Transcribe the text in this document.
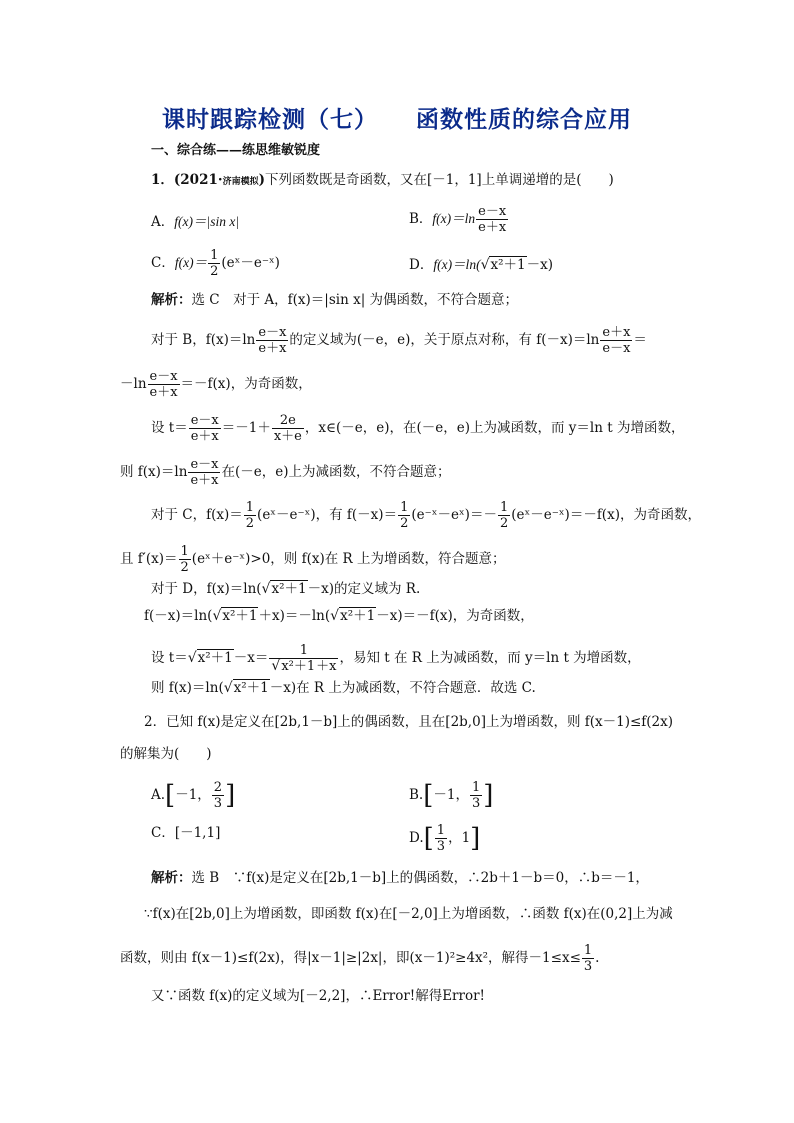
课时跟踪检测（七） 函数性质的综合应用
一、综合练——练思维敏锐度
1．(2021·济南模拟)下列函数既是奇函数，又在[－1，1]上单调递增的是(　　)
A．f(x)＝|sin x|	B．$f(x)=\ln \frac{e-x}{e+x}$
C．$f(x)= \frac{1}{2}$ (eˣ－e⁻ˣ)	D．f(x)＝ln(√x²＋1－x)
解析：选 C　对于 A，f(x)＝|sin x| 为偶函数，不符合题意；
对于 B，$f(x)=\ln \frac{e-x}{e+x}$ 的定义域为(－e，e)，关于原点对称，有 $f(-x)=\ln \frac{e+x}{e-x}$ ＝
$-\ln \frac{e-x}{e+x} =-f(x)$，为奇函数，
设 $t= \frac{e-x}{e+x} =-1+ \frac{2e}{x+e}$ ，x∈(－e，e)，在(－e，e)上为减函数，而 y＝ln t 为增函数，
则 $f(x)=\ln \frac{e-x}{e+x}$ 在(－e，e)上为减函数，不符合题意；
对于 C，$f(x)= \frac{1}{2}$ (eˣ－e⁻ˣ)，有 $f(-x)= \frac{1}{2}$ (e⁻ˣ－eˣ)＝－ $\frac{1}{2}$ (eˣ－e⁻ˣ)＝－f(x)，为奇函数，
且 $f'(x)= \frac{1}{2}$ (eˣ＋e⁻ˣ)>0，则 f(x)在 R 上为增函数，符合题意；
对于 D，f(x)＝ln(√x²＋1－x)的定义域为 R.
f(－x)＝ln(√x²＋1＋x)＝－ln(√x²＋1－x)＝－f(x)，为奇函数，
设 $t=√x^2+1-x= \frac{1}{\text{√x²＋1＋x}}$ ，易知 t 在 R 上为减函数，而 y＝ln t 为增函数，
则 f(x)＝ln(√x²＋1－x)在 R 上为减函数，不符合题意．故选 C.
2．已知 f(x)是定义在[2b,1－b]上的偶函数，且在[2b,0]上为增函数，则 f(x－1)≤f(2x)
的解集为(　　)
A.[－1， $\frac{2}{3}$ ]	B.[－1， $\frac{1}{3}$ ]
C．[－1,1]	$D.[ \frac{1}{3}$ ，1]
解析：选 B　∵f(x)是定义在[2b,1－b]上的偶函数，∴2b＋1－b＝0，∴b＝－1，
∵f(x)在[2b,0]上为增函数，即函数 f(x)在[－2,0]上为增函数，∴函数 f(x)在(0,2]上为减
函数，则由 f(x－1)≤f(2x)，得|x－1|≥|2x|，即(x－1)²≥4x²，解得$-1\le x\le \frac{1}{3}$ .
又∵函数 f(x)的定义域为[－2,2]，∴Error!解得Error!
